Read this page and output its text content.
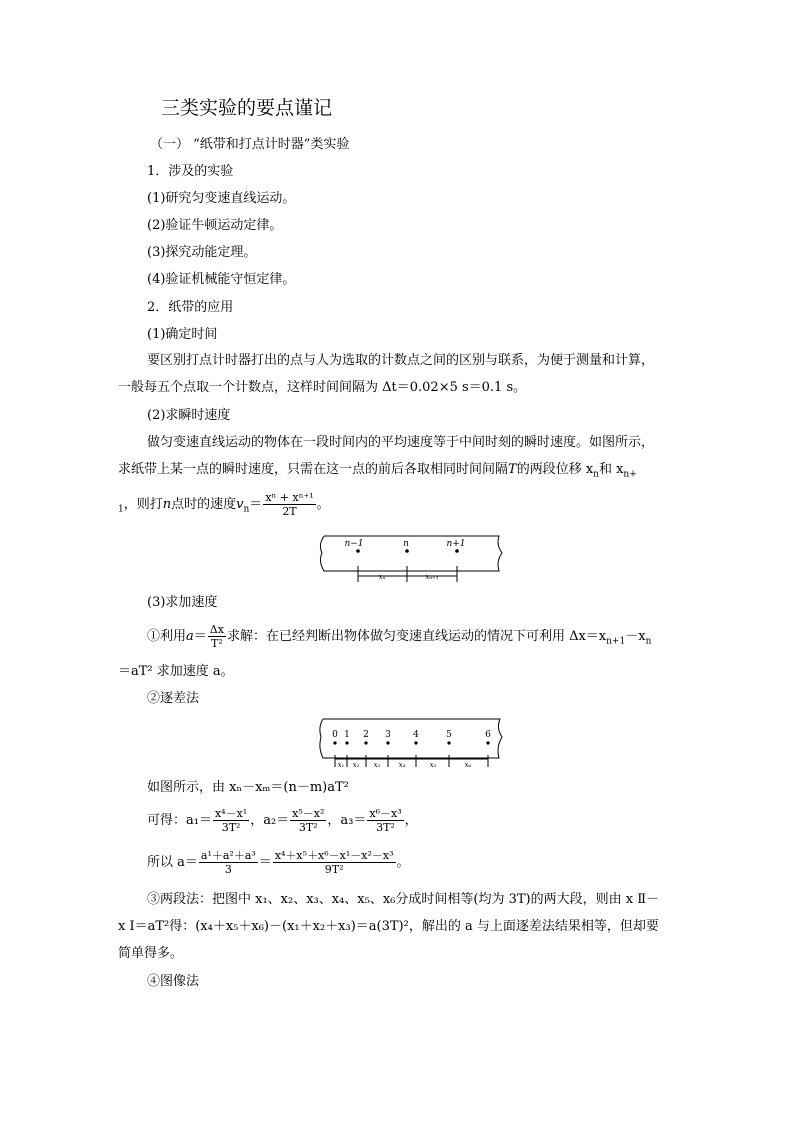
三类实验的要点谨记
（一） “纸带和打点计时器”类实验
1．涉及的实验
(1)研究匀变速直线运动。
(2)验证牛顿运动定律。
(3)探究动能定理。
(4)验证机械能守恒定律。
2．纸带的应用
(1)确定时间
要区别打点计时器打出的点与人为选取的计数点之间的区别与联系，为便于测量和计算，
一般每五个点取一个计数点，这样时间间隔为 Δt＝0.02×5 s＝0.1 s。
(2)求瞬时速度
做匀变速直线运动的物体在一段时间内的平均速度等于中间时刻的瞬时速度。如图所示，
求纸带上某一点的瞬时速度，只需在这一点的前后各取相同时间间隔T的两段位移 $x_n$和 $x_{n+}$
$_1$，则打n点时的速度$v_n= \frac{\text{xⁿ + xⁿ⁺¹}}{2T}$ 。
n−1	n	n+1
xₙ	xₙ₊₁
(3)求加速度
①利用$a= \frac{\Delta x}{\text{T²}}$ 求解：在已经判断出物体做匀变速直线运动的情况下可利用 $\Delta x=x_{n+1}-x_n$
＝aT² 求加速度 a。
②逐差法
0 1 2 3 4	5	6
x₁ x₂ x₃	x₄	x₅	x₆
如图所示，由 xₙ－xₘ＝(n－m)aT²
可得：$a_1= \frac{\text{x⁴－x¹}}{\text{3T²}}$ ，$a_2= \frac{\text{x⁵－x²}}{\text{3T²}}$ ，$a_3= \frac{\text{x⁶－x³}}{\text{3T²}}$ ，
所以 $a= \frac{\text{a¹＋a²＋a³}}{3} = \frac{\text{x⁴＋x⁵＋x⁶－x¹－x²－x³}}{\text{9T²}}$ 。
③两段法：把图中 x₁、x₂、x₃、x₄、x₅、x₆分成时间相等(均为 3T)的两大段，则由 x Ⅱ－
x Ⅰ＝aT²得：(x₄＋x₅＋x₆)－(x₁＋x₂＋x₃)＝a(3T)²，解出的 a 与上面逐差法结果相等，但却要
简单得多。
④图像法
